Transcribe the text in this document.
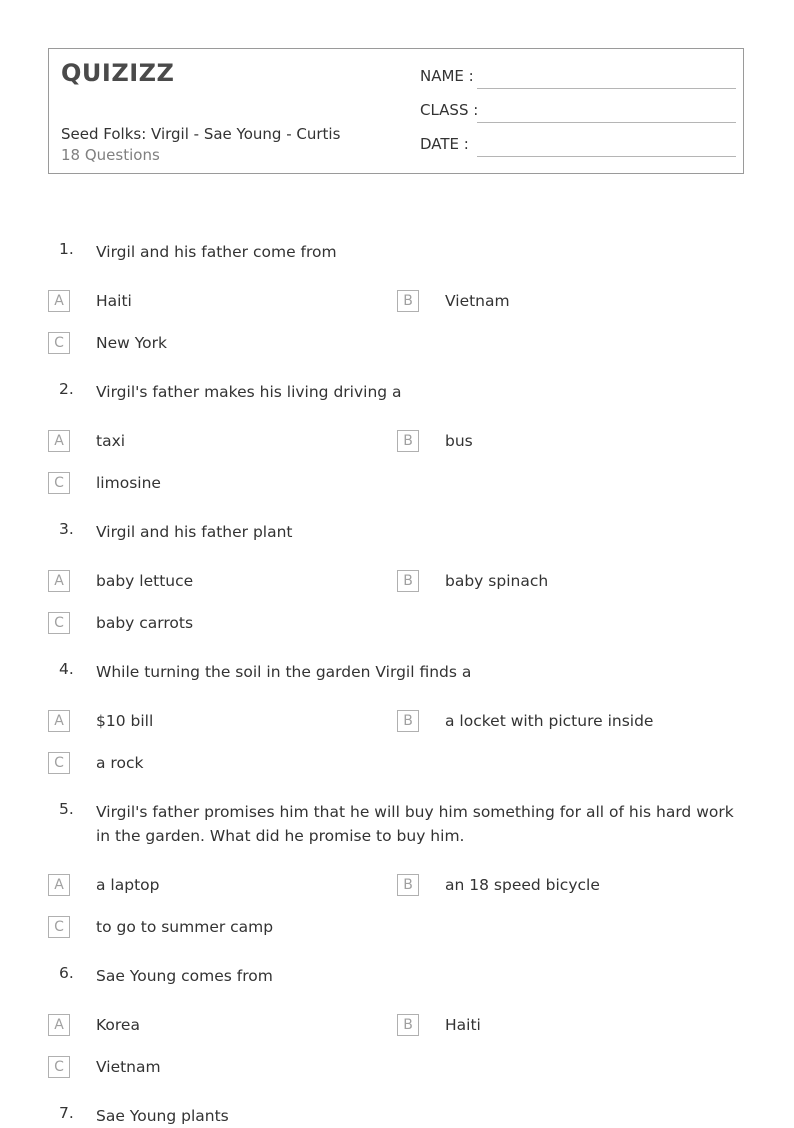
QUIZIZZ
Seed Folks: Virgil - Sae Young - Curtis
18 Questions
NAME :
CLASS :
DATE :
1. Virgil and his father come from
A	Haiti	B	Vietnam
C	New York
2. Virgil's father makes his living driving a
A	taxi	B	bus
C	limosine
3. Virgil and his father plant
A	baby lettuce	B	baby spinach
C	baby carrots
4. While turning the soil in the garden Virgil finds a
A	$10 bill	B	a locket with picture inside
C	a rock
5. Virgil's father promises him that he will buy him something for all of his hard work in the garden. What did he promise to buy him.
A	a laptop	B	an 18 speed bicycle
C	to go to summer camp
6. Sae Young comes from
A	Korea	B	Haiti
C	Vietnam
7. Sae Young plants
